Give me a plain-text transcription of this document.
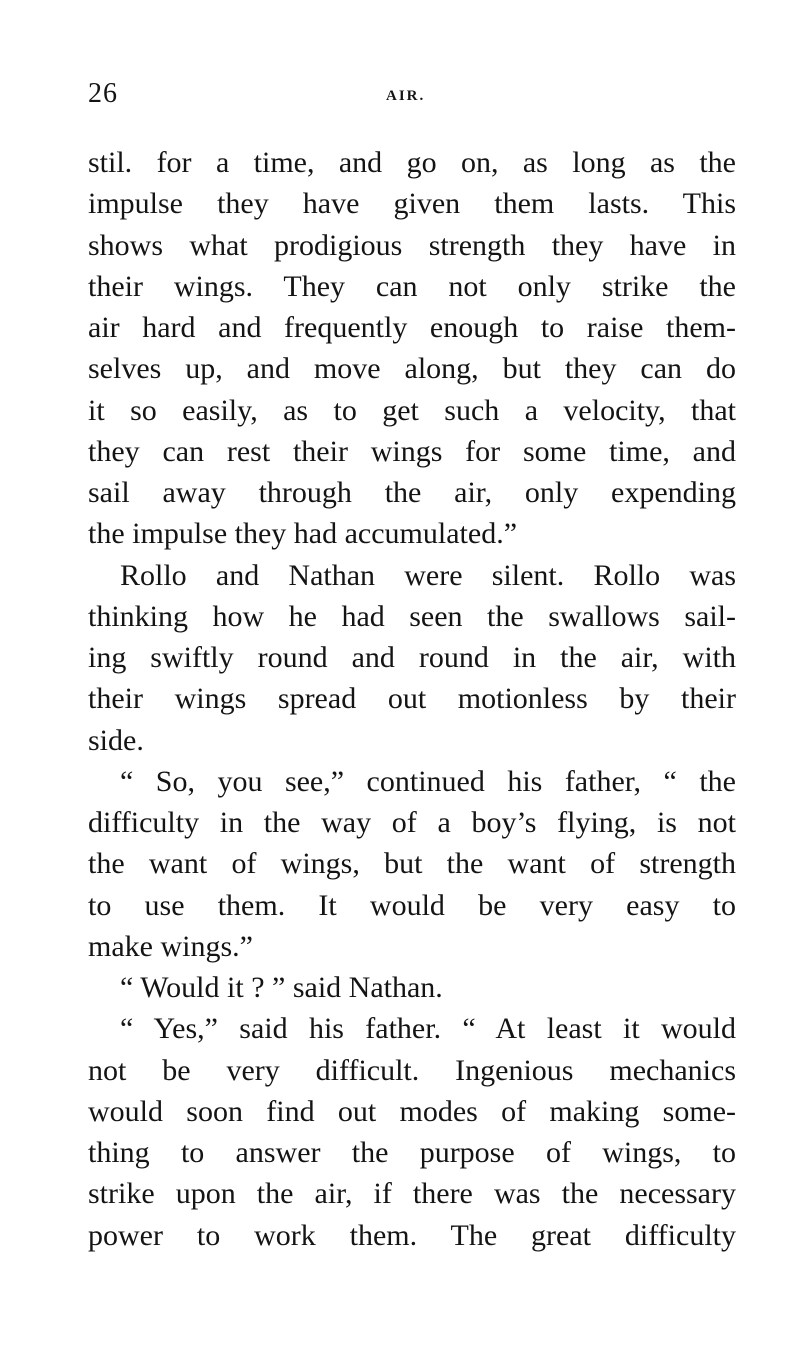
26	AIR.
stil. for a time, and go on, as long as the
impulse they have given them lasts. This
shows what prodigious strength they have in
their wings. They can not only strike the
air hard and frequently enough to raise them-
selves up, and move along, but they can do
it so easily, as to get such a velocity, that
they can rest their wings for some time, and
sail away through the air, only expending
the impulse they had accumulated.”
Rollo and Nathan were silent. Rollo was
thinking how he had seen the swallows sail-
ing swiftly round and round in the air, with
their wings spread out motionless by their
side.
“ So, you see,” continued his father, “ the
difficulty in the way of a boy’s flying, is not
the want of wings, but the want of strength
to use them. It would be very easy to
make wings.”
“ Would it ? ” said Nathan.
“ Yes,” said his father. “ At least it would
not be very difficult. Ingenious mechanics
would soon find out modes of making some-
thing to answer the purpose of wings, to
strike upon the air, if there was the necessary
power to work them. The great difficulty
